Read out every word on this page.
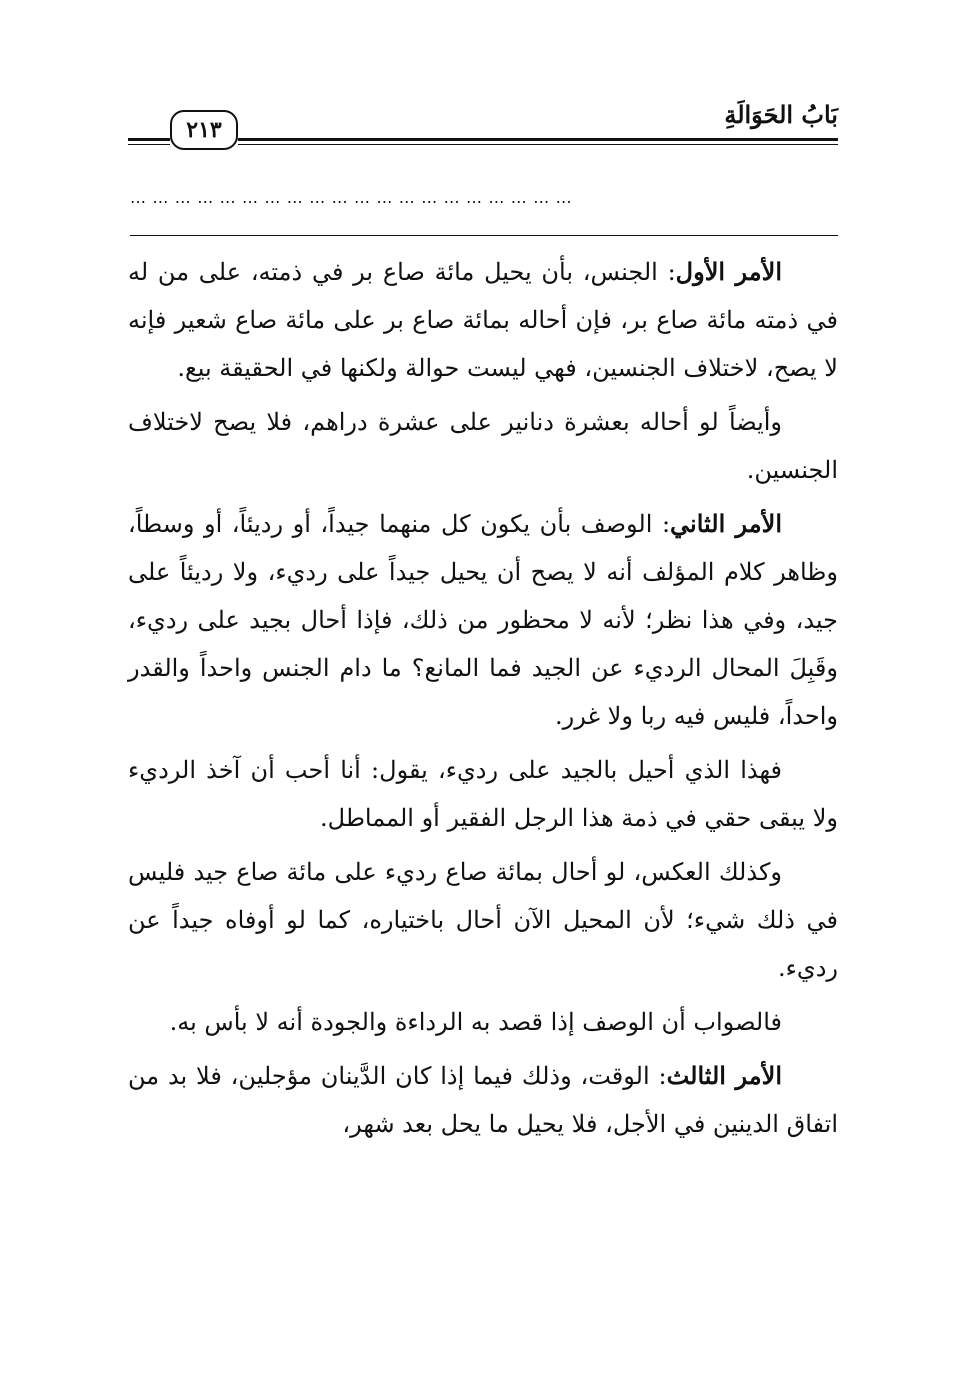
بَابُ الحَوَالَةِ
٢١٣
……………………………………………………

الأمر الأول: الجنس، بأن يحيل مائة صاع بر في ذمته، على من له في ذمته مائة صاع بر، فإن أحاله بمائة صاع بر على مائة صاع شعير فإنه لا يصح، لاختلاف الجنسين، فهي ليست حوالة ولكنها في الحقيقة بيع.

وأيضاً لو أحاله بعشرة دنانير على عشرة دراهم، فلا يصح لاختلاف الجنسين.

الأمر الثاني: الوصف بأن يكون كل منهما جيداً، أو رديئاً، أو وسطاً، وظاهر كلام المؤلف أنه لا يصح أن يحيل جيداً على رديء، ولا رديئاً على جيد، وفي هذا نظر؛ لأنه لا محظور من ذلك، فإذا أحال بجيد على رديء، وقَبِلَ المحال الرديء عن الجيد فما المانع؟ ما دام الجنس واحداً والقدر واحداً، فليس فيه ربا ولا غرر.

فهذا الذي أحيل بالجيد على رديء، يقول: أنا أحب أن آخذ الرديء ولا يبقى حقي في ذمة هذا الرجل الفقير أو المماطل.

وكذلك العكس، لو أحال بمائة صاع رديء على مائة صاع جيد فليس في ذلك شيء؛ لأن المحيل الآن أحال باختياره، كما لو أوفاه جيداً عن رديء.

فالصواب أن الوصف إذا قصد به الرداءة والجودة أنه لا بأس به.

الأمر الثالث: الوقت، وذلك فيما إذا كان الدَّينان مؤجلين، فلا بد من اتفاق الدينين في الأجل، فلا يحيل ما يحل بعد شهر،
